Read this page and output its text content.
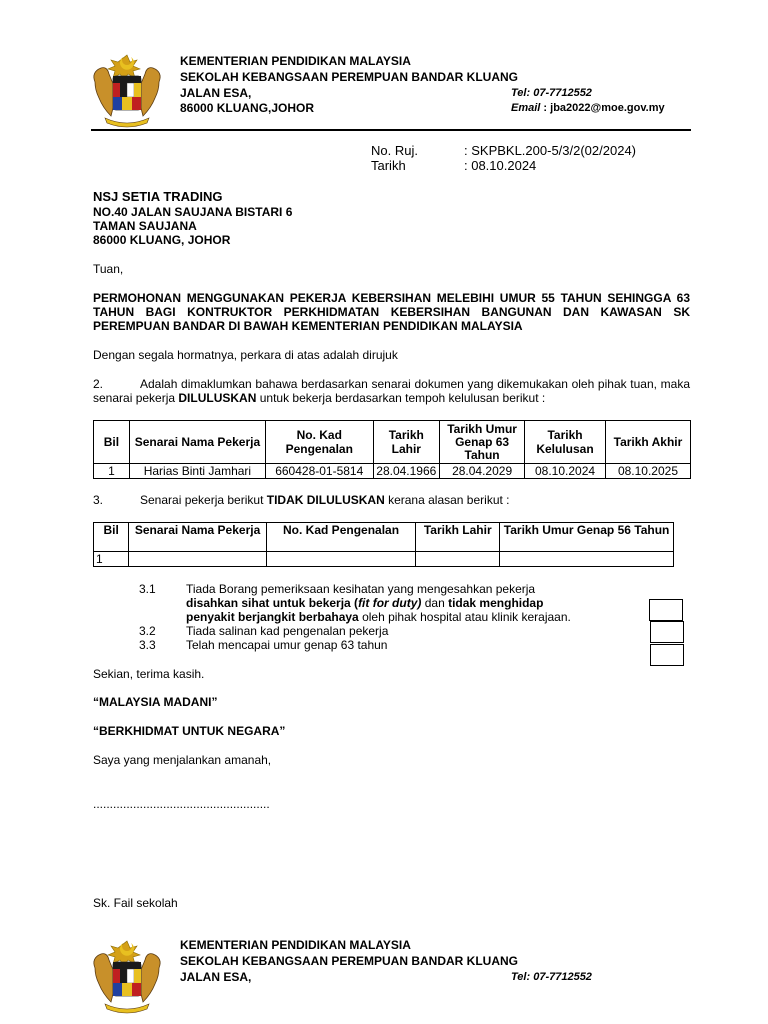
KEMENTERIAN PENDIDIKAN MALAYSIA
SEKOLAH KEBANGSAAN PEREMPUAN BANDAR KLUANG
JALAN ESA,
86000 KLUANG,JOHOR
Tel: 07-7712552
Email : jba2022@moe.gov.my
No. Ruj.	: SKPBKL.200-5/3/2(02/2024)
Tarikh	: 08.10.2024
NSJ SETIA TRADING
NO.40 JALAN SAUJANA BISTARI 6
TAMAN SAUJANA
86000 KLUANG, JOHOR
Tuan,
PERMOHONAN MENGGUNAKAN PEKERJA KEBERSIHAN MELEBIHI UMUR 55 TAHUN SEHINGGA 63 TAHUN BAGI KONTRUKTOR PERKHIDMATAN KEBERSIHAN BANGUNAN DAN KAWASAN SK PEREMPUAN BANDAR DI BAWAH KEMENTERIAN PENDIDIKAN MALAYSIA
Dengan segala hormatnya, perkara di atas adalah dirujuk
2.	Adalah dimaklumkan bahawa berdasarkan senarai dokumen yang dikemukakan oleh pihak tuan, maka senarai pekerja DILULUSKAN untuk bekerja berdasarkan tempoh kelulusan berikut :
Bil	Senarai Nama Pekerja	No. Kad Pengenalan	Tarikh Lahir	Tarikh Umur Genap 63 Tahun	Tarikh Kelulusan	Tarikh Akhir
1	Harias Binti Jamhari	660428-01-5814	28.04.1966	28.04.2029	08.10.2024	08.10.2025
3.	Senarai pekerja berikut TIDAK DILULUSKAN kerana alasan berikut :
Bil	Senarai Nama Pekerja	No. Kad Pengenalan	Tarikh Lahir	Tarikh Umur Genap 56 Tahun
1				
3.1	Tiada Borang pemeriksaan kesihatan yang mengesahkan pekerja
disahkan sihat untuk bekerja (fit for duty) dan tidak menghidap
penyakit berjangkit berbahaya oleh pihak hospital atau klinik kerajaan.
3.2	Tiada salinan kad pengenalan pekerja
3.3	Telah mencapai umur genap 63 tahun
Sekian, terima kasih.
“MALAYSIA MADANI”
“BERKHIDMAT UNTUK NEGARA”
Saya yang menjalankan amanah,
.....................................................
Sk. Fail sekolah
KEMENTERIAN PENDIDIKAN MALAYSIA
SEKOLAH KEBANGSAAN PEREMPUAN BANDAR KLUANG
JALAN ESA,	Tel: 07-7712552
